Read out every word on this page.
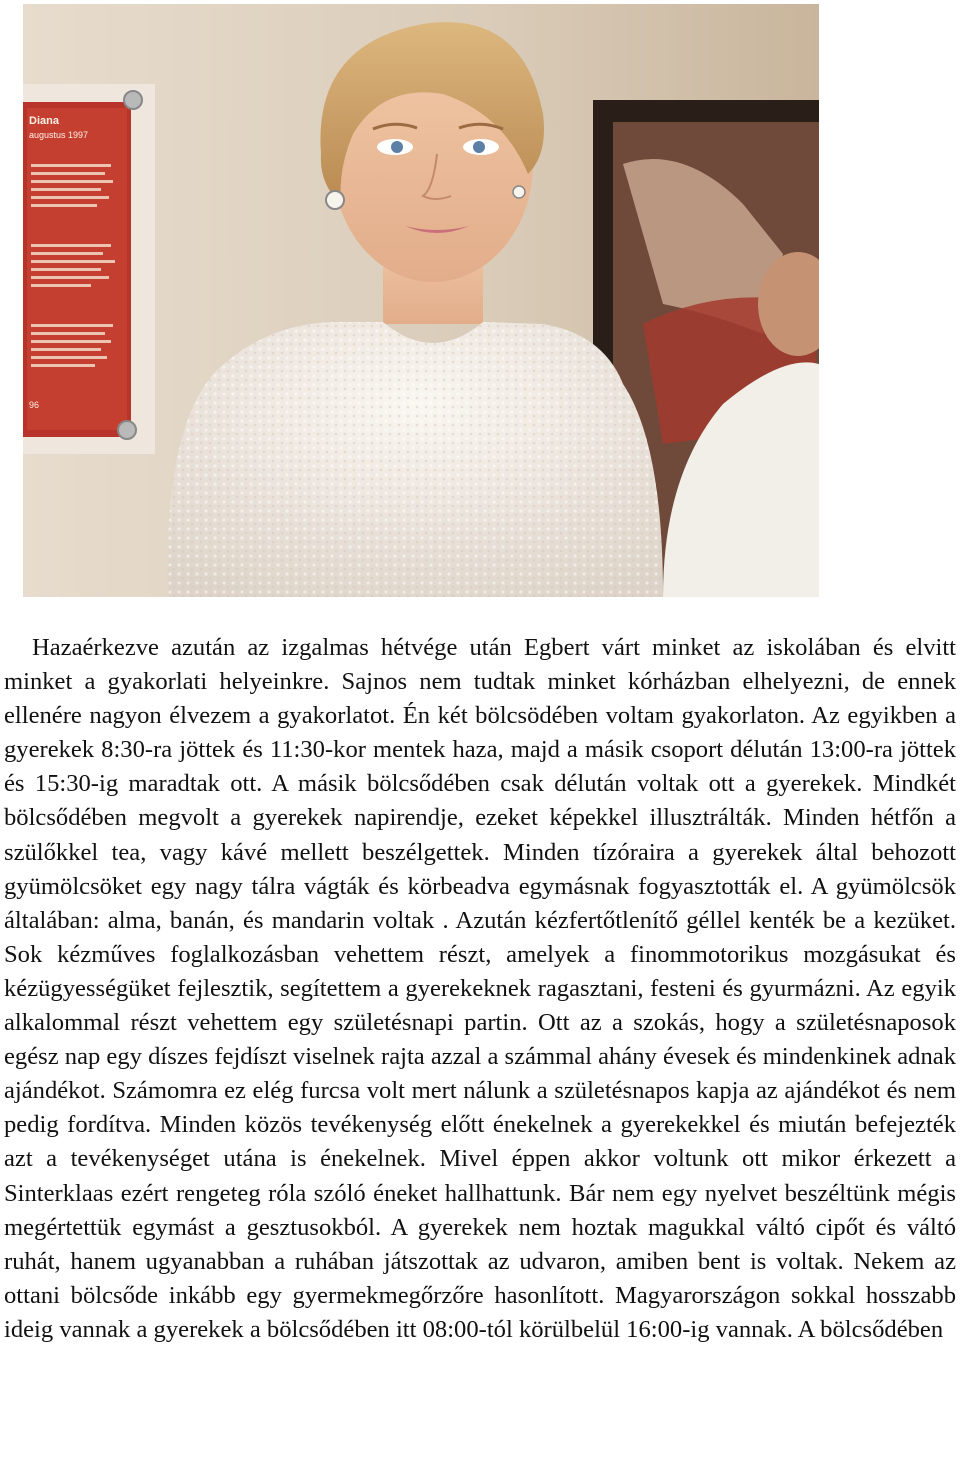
Diana
augustus 1997
96

Hazaérkezve azután az izgalmas hétvége után Egbert várt minket az iskolában és elvitt minket a gyakorlati helyeinkre. Sajnos nem tudtak minket kórházban elhelyezni, de ennek ellenére nagyon élvezem a gyakorlatot. Én két bölcsödében voltam gyakorlaton. Az egyikben a gyerekek 8:30-ra jöttek és 11:30-kor mentek haza, majd a másik csoport délután 13:00-ra jöttek és 15:30-ig maradtak ott. A másik bölcsődében csak délután voltak ott a gyerekek. Mindkét bölcsődében megvolt a gyerekek napirendje, ezeket képekkel illusztrálták. Minden hétfőn a szülőkkel tea, vagy kávé mellett beszélgettek. Minden tízóraira a gyerekek által behozott gyümölcsöket egy nagy tálra vágták és körbeadva egymásnak fogyasztották el. A gyümölcsök általában: alma, banán, és mandarin voltak . Azután kézfertőtlenítő géllel kenték be a kezüket. Sok kézműves foglalkozásban vehettem részt, amelyek a finommotorikus mozgásukat és kézügyességüket fejlesztik, segítettem a gyerekeknek ragasztani, festeni és gyurmázni. Az egyik alkalommal részt vehettem egy születésnapi partin. Ott az a szokás, hogy a születésnaposok egész nap egy díszes fejdíszt viselnek rajta azzal a számmal ahány évesek és mindenkinek adnak ajándékot. Számomra ez elég furcsa volt mert nálunk a születésnapos kapja az ajándékot és nem pedig fordítva. Minden közös tevékenység előtt énekelnek a gyerekekkel és miután befejezték azt a tevékenységet utána is énekelnek. Mivel éppen akkor voltunk ott mikor érkezett a Sinterklaas ezért rengeteg róla szóló éneket hallhattunk. Bár nem egy nyelvet beszéltünk mégis megértettük egymást a gesztusokból. A gyerekek nem hoztak magukkal váltó cipőt és váltó ruhát, hanem ugyanabban a ruhában játszottak az udvaron, amiben bent is voltak. Nekem az ottani bölcsőde inkább egy gyermekmegőrzőre hasonlított. Magyarországon sokkal hosszabb ideig vannak a gyerekek a bölcsődében itt 08:00-tól körülbelül 16:00-ig vannak. A bölcsődében
